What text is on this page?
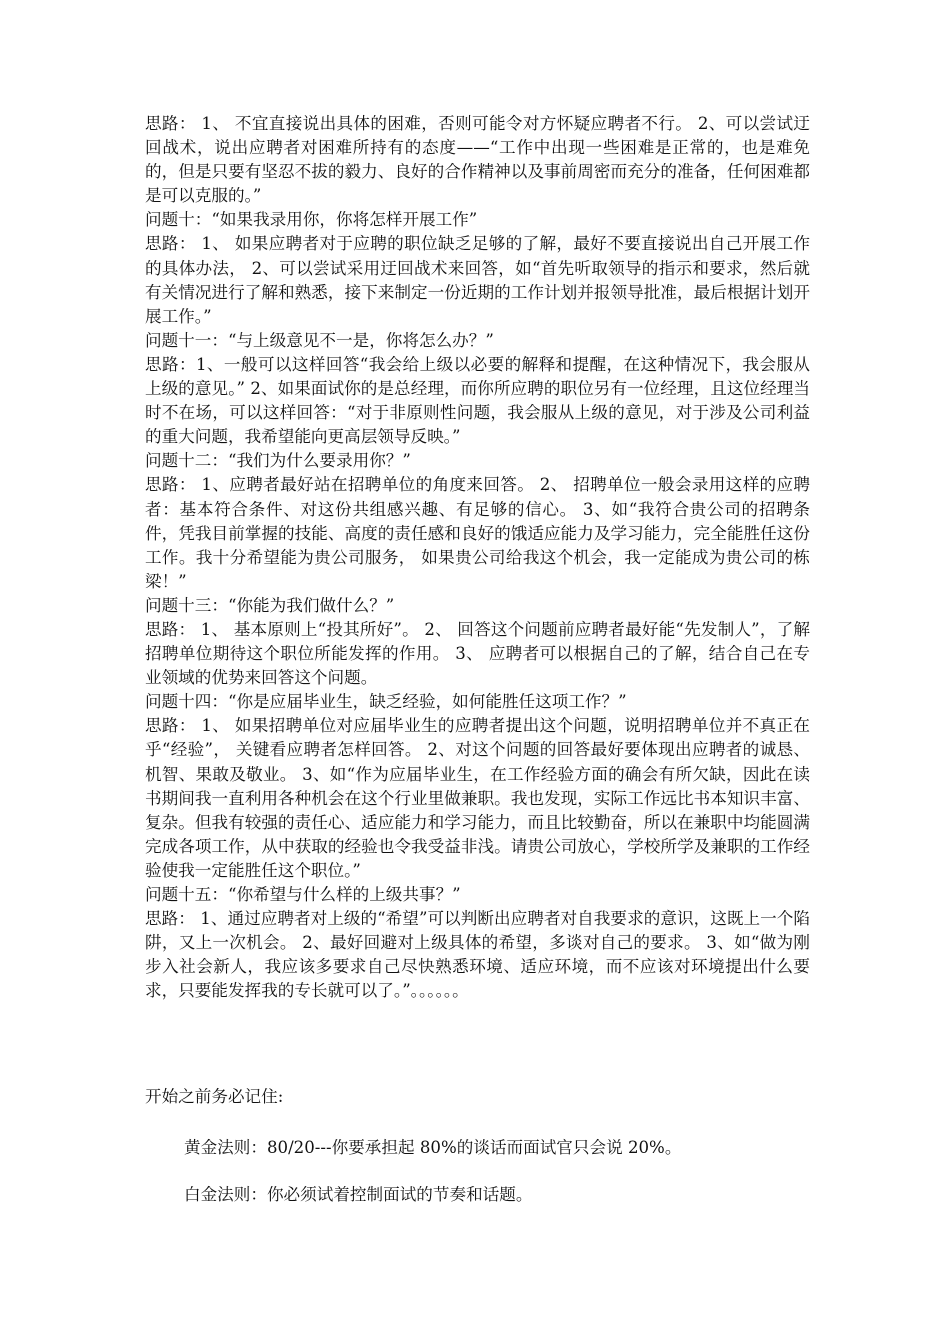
思路： 1、 不宜直接说出具体的困难，否则可能令对方怀疑应聘者不行。 2、可以尝试迂回战术，说出应聘者对困难所持有的态度——“工作中出现一些困难是正常的，也是难免的，但是只要有坚忍不拔的毅力、良好的合作精神以及事前周密而充分的准备，任何困难都是可以克服的。”

问题十：“如果我录用你，你将怎样开展工作”

思路： 1、 如果应聘者对于应聘的职位缺乏足够的了解，最好不要直接说出自己开展工作的具体办法， 2、可以尝试采用迂回战术来回答，如“首先听取领导的指示和要求，然后就有关情况进行了解和熟悉，接下来制定一份近期的工作计划并报领导批准，最后根据计划开展工作。”

问题十一：“与上级意见不一是，你将怎么办？”

思路：1、一般可以这样回答“我会给上级以必要的解释和提醒，在这种情况下，我会服从上级的意见。” 2、如果面试你的是总经理，而你所应聘的职位另有一位经理，且这位经理当时不在场，可以这样回答：“对于非原则性问题，我会服从上级的意见，对于涉及公司利益的重大问题，我希望能向更高层领导反映。”

问题十二：“我们为什么要录用你？”

思路： 1、应聘者最好站在招聘单位的角度来回答。 2、 招聘单位一般会录用这样的应聘者：基本符合条件、对这份共组感兴趣、有足够的信心。 3、如“我符合贵公司的招聘条件，凭我目前掌握的技能、高度的责任感和良好的饿适应能力及学习能力，完全能胜任这份工作。我十分希望能为贵公司服务， 如果贵公司给我这个机会，我一定能成为贵公司的栋梁！”

问题十三：“你能为我们做什么？”

思路： 1、 基本原则上“投其所好”。 2、 回答这个问题前应聘者最好能“先发制人”，了解招聘单位期待这个职位所能发挥的作用。 3、 应聘者可以根据自己的了解，结合自己在专业领域的优势来回答这个问题。

问题十四：“你是应届毕业生，缺乏经验，如何能胜任这项工作？”

思路： 1、 如果招聘单位对应届毕业生的应聘者提出这个问题，说明招聘单位并不真正在乎“经验”， 关键看应聘者怎样回答。 2、对这个问题的回答最好要体现出应聘者的诚恳、机智、果敢及敬业。 3、如“作为应届毕业生，在工作经验方面的确会有所欠缺，因此在读书期间我一直利用各种机会在这个行业里做兼职。我也发现，实际工作远比书本知识丰富、复杂。但我有较强的责任心、适应能力和学习能力，而且比较勤奋，所以在兼职中均能圆满完成各项工作，从中获取的经验也令我受益非浅。请贵公司放心，学校所学及兼职的工作经验使我一定能胜任这个职位。”

问题十五：“你希望与什么样的上级共事？”

思路： 1、通过应聘者对上级的“希望”可以判断出应聘者对自我要求的意识，这既上一个陷阱，又上一次机会。 2、最好回避对上级具体的希望，多谈对自己的要求。 3、如“做为刚步入社会新人，我应该多要求自己尽快熟悉环境、适应环境，而不应该对环境提出什么要求，只要能发挥我的专长就可以了。”。。。。。。

开始之前务必记住:

黄金法则：80/20---你要承担起 80%的谈话而面试官只会说 20%。

白金法则：你必须试着控制面试的节奏和话题。
